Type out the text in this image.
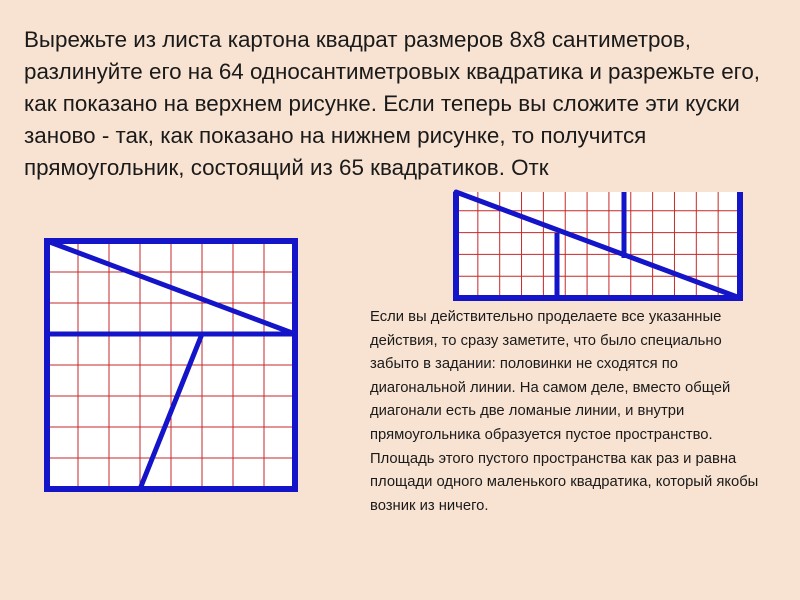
Вырежьте из листа картона квадрат размеров 8х8 сантиметров, разлинуйте его на 64 односантиметровых квадратика и разрежьте его, как показано на верхнем рисунке. Если теперь вы сложите эти куски заново - так, как показано на нижнем рисунке, то получится прямоугольник, состоящий из 65 квадратиков. Отк

Если вы действительно проделаете все указанные действия, то сразу заметите, что было специально забыто в задании: половинки не сходятся по диагональной линии. На самом деле, вместо общей диагонали есть две ломаные линии, и внутри прямоугольника образуется пустое пространство. Площадь этого пустого пространства как раз и равна площади одного маленького квадратика, который якобы возник из ничего.
